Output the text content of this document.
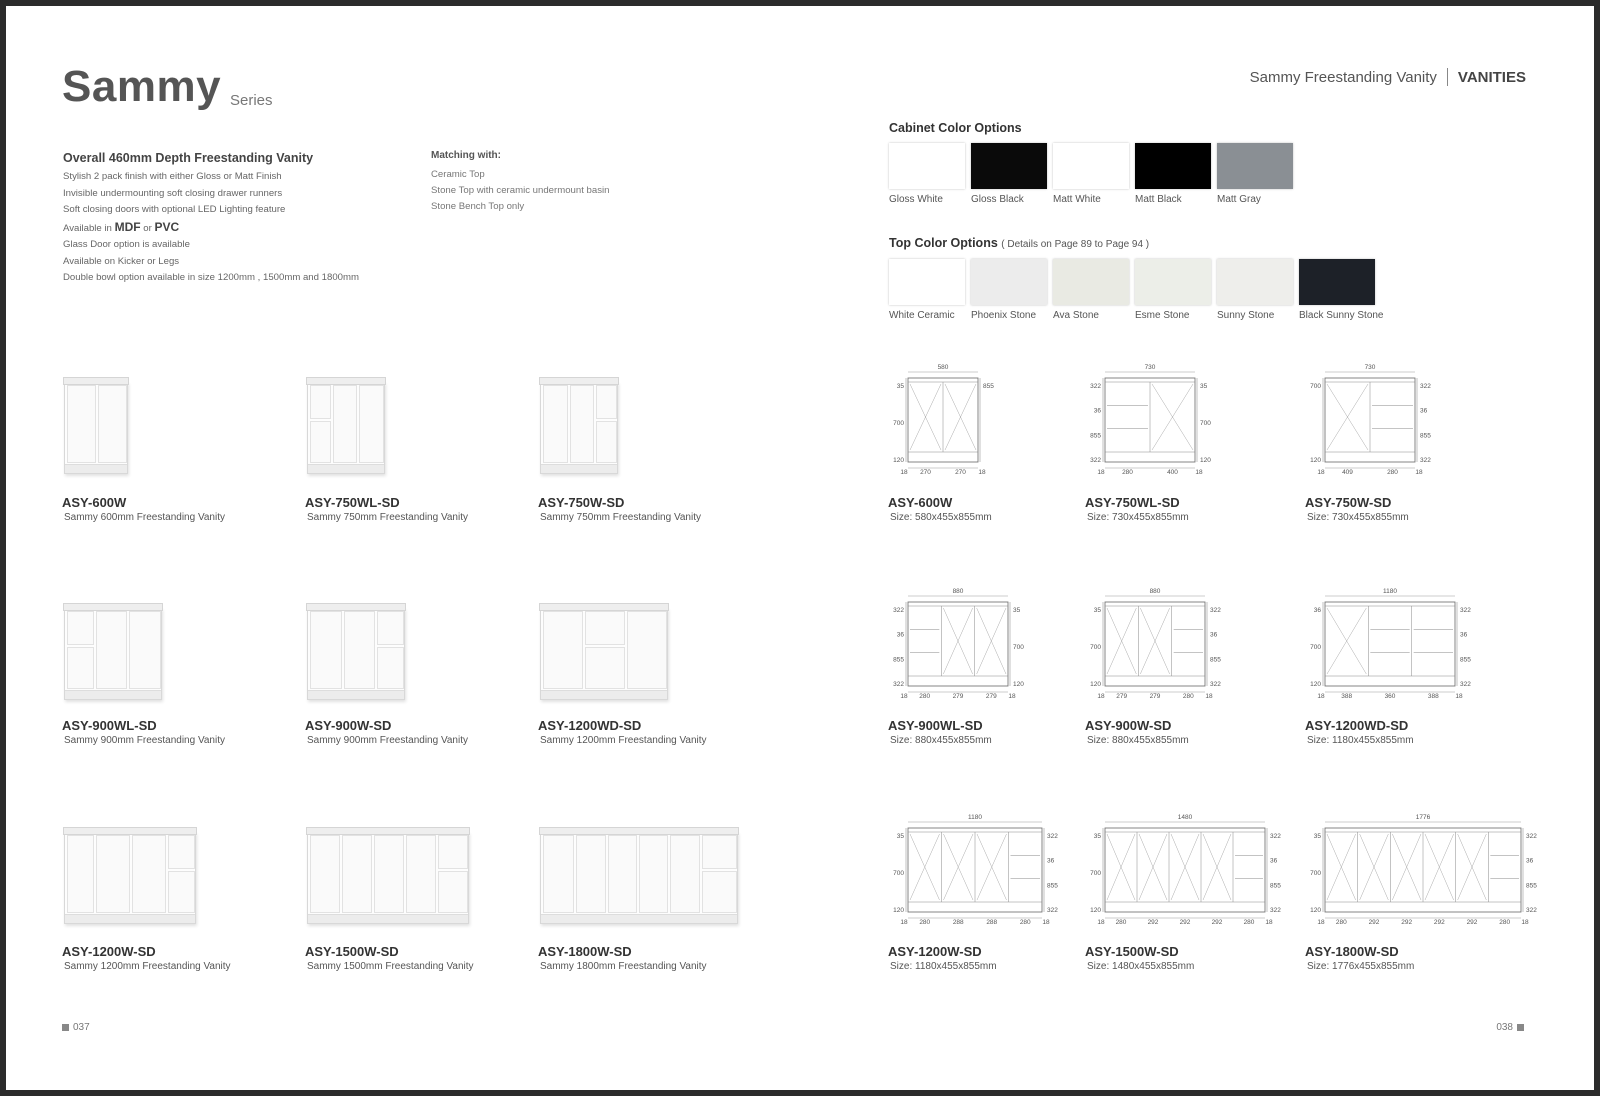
Sammy Series
Sammy Freestanding Vanity VANITIES
Overall 460mm Depth Freestanding Vanity
Stylish 2 pack finish with either Gloss or Matt Finish
Invisible undermounting soft closing drawer runners
Soft closing doors with optional LED Lighting feature
Available in MDF or PVC
Glass Door option is available
Available on Kicker or Legs
Double bowl option available in size 1200mm , 1500mm and 1800mm
Matching with:
Ceramic Top
Stone Top with ceramic undermount basin
Stone Bench Top only
Cabinet Color Options
Gloss White	Gloss Black	Matt White	Matt Black	Matt Gray
Top Color Options ( Details on Page 89 to Page 94 )
White Ceramic Phoenix Stone Ava Stone	Esme Stone	Sunny Stone Black Sunny Stone
ASY-600W
Sammy 600mm Freestanding Vanity
ASY-750WL-SD
Sammy 750mm Freestanding Vanity
ASY-750W-SD
Sammy 750mm Freestanding Vanity
ASY-900WL-SD
Sammy 900mm Freestanding Vanity
ASY-900W-SD
Sammy 900mm Freestanding Vanity
ASY-1200WD-SD
Sammy 1200mm Freestanding Vanity
ASY-1200W-SD
Sammy 1200mm Freestanding Vanity
ASY-1500W-SD
Sammy 1500mm Freestanding Vanity
ASY-1800W-SD
Sammy 1800mm Freestanding Vanity
580
18 270	270 18
35
700
120
855
ASY-600W
Size: 580x455x855mm
730
18	280	400	18
322
36
855
322
35
700
120
ASY-750WL-SD
Size: 730x455x855mm
730
18	409	280	18
700
120
322
36
855
322
ASY-750W-SD
Size: 730x455x855mm
880
18 280	279	279 18
322
36
855
322
35
700
120
ASY-900WL-SD
Size: 880x455x855mm
880
18 279	279	280 18
35
700
120
322
36
855
322
ASY-900W-SD
Size: 880x455x855mm
1180
18	388	360	388	18
36
700
120
322
36
855
322
ASY-1200WD-SD
Size: 1180x455x855mm
1180
18 280	288	288	280 18
35
700
120
322
36
855
322
ASY-1200W-SD
Size: 1180x455x855mm
1480
18 280	292	292	292	280 18
35
700
120
322
36
855
322
ASY-1500W-SD
Size: 1480x455x855mm
1776
18 280	292	292	292	292	280 18
35
700
120
322
36
855
322
ASY-1800W-SD
Size: 1776x455x855mm
037	038
